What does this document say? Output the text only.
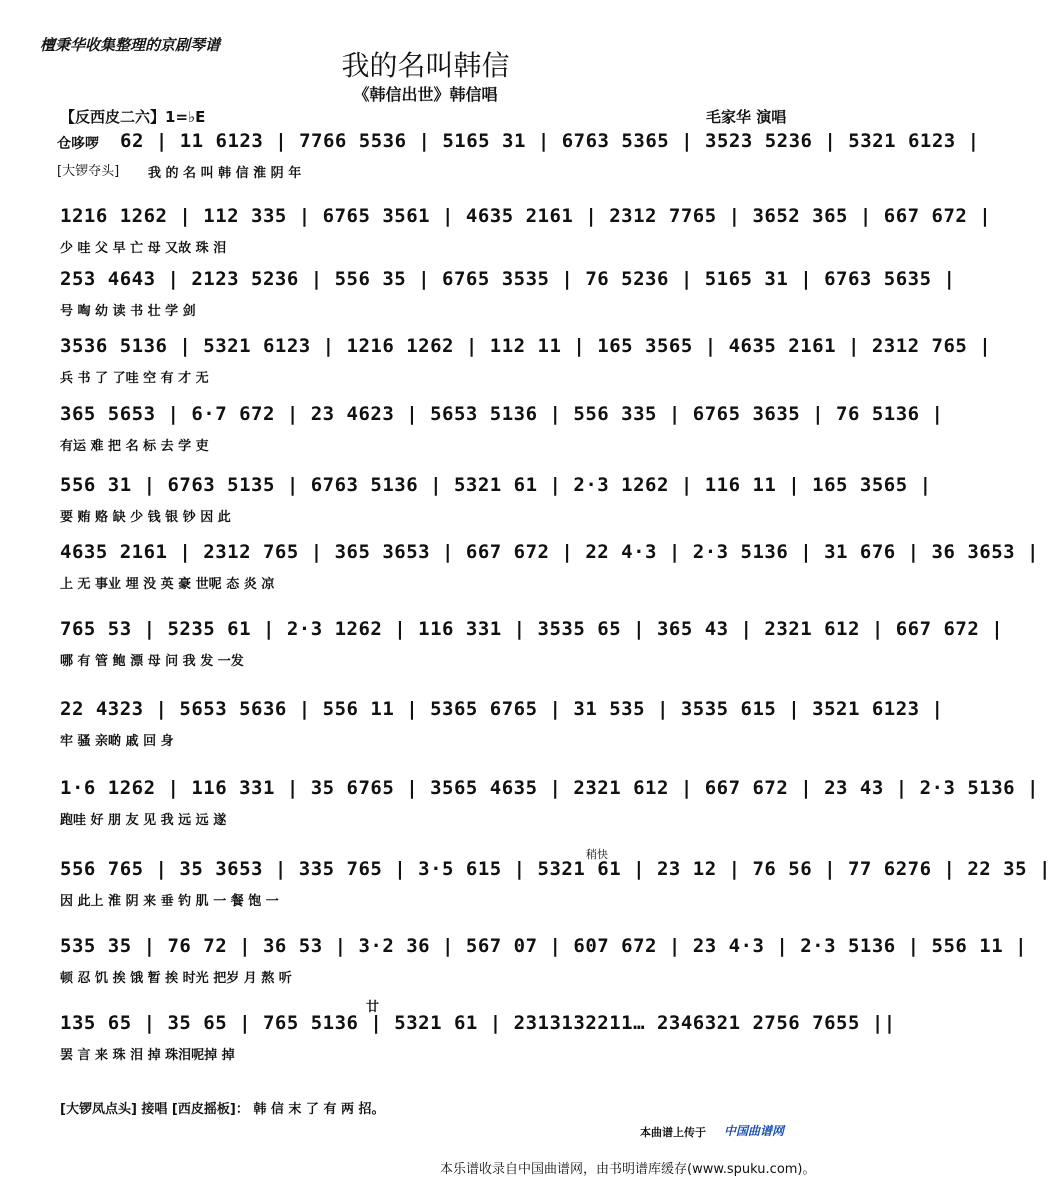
檀秉华收集整理的京剧琴谱
我的名叫韩信
《韩信出世》韩信唱
【反西皮二六】1=♭E	毛家华 演唱
仓哆啰
[大锣夺头]
62 | 11 6123 | 7766 5536 | 5165 31 | 6763 5365 | 3523 5236 | 5321 6123 |
我 的 名 叫 韩 信 淮 阴 年
1216 1262 | 112 335 | 6765 3561 | 4635 2161 | 2312 7765 | 3652 365 | 667 672 |
少 哇 父 早 亡 母 又故 珠 泪
253 4643 | 2123 5236 | 556 35 | 6765 3535 | 76 5236 | 5165 31 | 6763 5635 |
号 啕 幼 读 书 壮 学 剑
3536 5136 | 5321 6123 | 1216 1262 | 112 11 | 165 3565 | 4635 2161 | 2312 765 |
兵 书 了 了哇 空 有 才 无
365 5653 | 6·7 672 | 23 4623 | 5653 5136 | 556 335 | 6765 3635 | 76 5136 |
有运 难 把 名 标 去 学 吏
556 31 | 6763 5135 | 6763 5136 | 5321 61 | 2·3 1262 | 116 11 | 165 3565 |
要 贿 赂 缺 少 钱 银 钞 因 此
4635 2161 | 2312 765 | 365 3653 | 667 672 | 22 4·3 | 2·3 5136 | 31 676 | 36 3653 |
上 无 事业 埋 没 英 豪 世呢 态 炎 凉
765 53 | 5235 61 | 2·3 1262 | 116 331 | 3535 65 | 365 43 | 2321 612 | 667 672 |
哪 有 管 鲍 漂 母 问 我 发 一发
22 4323 | 5653 5636 | 556 11 | 5365 6765 | 31 535 | 3535 615 | 3521 6123 |
牢 骚 亲啲 戚 回 身
1·6 1262 | 116 331 | 35 6765 | 3565 4635 | 2321 612 | 667 672 | 23 43 | 2·3 5136 |
跑哇 好 朋 友 见 我 远 远 遂
556 765 | 35 3653 | 335 765 | 3·5 615 | 5321 61 | 23 12 | 76 56 | 77 6276 | 22 35 |
因 此上 淮 阴 来 垂 钓 肌 一 餐 饱 一
535 35 | 76 72 | 36 53 | 3·2 36 | 567 07 | 607 672 | 23 4·3 | 2·3 5136 | 556 11 |
顿 忍 饥 挨 饿 暂 挨 时光 把岁 月 熬 听
135 65 | 35 65 | 765 5136 | 5321 61 | 2313132211… 2346321 2756 7655 ||
罢 言 来 珠 泪 掉 珠泪呢掉 掉
稍快
廿
[大锣凤点头] 接唱 [西皮摇板]： 韩 信 末 了 有 两 招。
本曲谱上传于 中国曲谱网
本乐谱收录自中国曲谱网，由书明谱库缓存(www.spuku.com)。
